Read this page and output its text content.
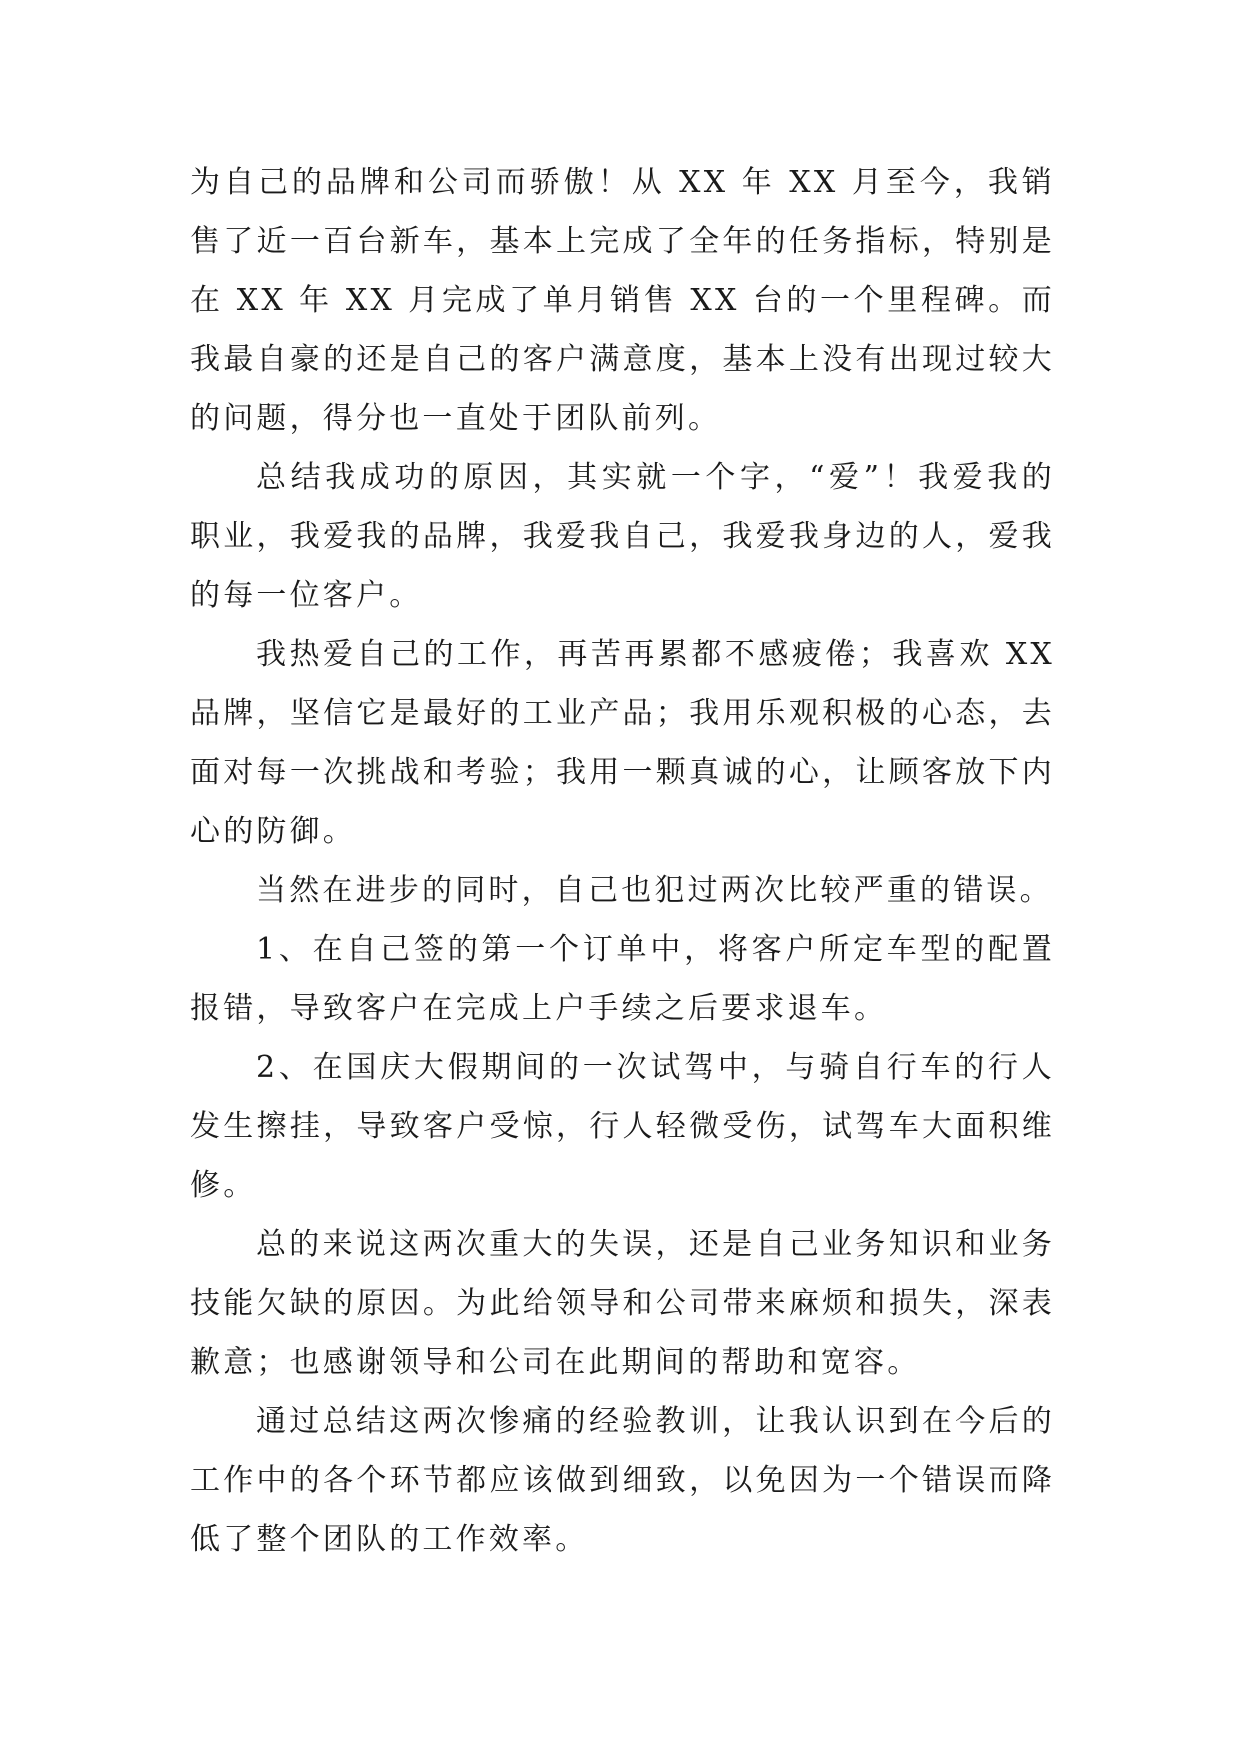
为自己的品牌和公司而骄傲！从 XX 年 XX 月至今，我销售了近一百台新车，基本上完成了全年的任务指标，特别是在 XX 年 XX 月完成了单月销售 XX 台的一个里程碑。而我最自豪的还是自己的客户满意度，基本上没有出现过较大的问题，得分也一直处于团队前列。

总结我成功的原因，其实就一个字，“爱”！我爱我的职业，我爱我的品牌，我爱我自己，我爱我身边的人，爱我的每一位客户。

我热爱自己的工作，再苦再累都不感疲倦；我喜欢 XX 品牌，坚信它是最好的工业产品；我用乐观积极的心态，去面对每一次挑战和考验；我用一颗真诚的心，让顾客放下内心的防御。

当然在进步的同时，自己也犯过两次比较严重的错误。

1、在自己签的第一个订单中，将客户所定车型的配置报错，导致客户在完成上户手续之后要求退车。

2、在国庆大假期间的一次试驾中，与骑自行车的行人发生擦挂，导致客户受惊，行人轻微受伤，试驾车大面积维修。

总的来说这两次重大的失误，还是自己业务知识和业务技能欠缺的原因。为此给领导和公司带来麻烦和损失，深表歉意；也感谢领导和公司在此期间的帮助和宽容。

通过总结这两次惨痛的经验教训，让我认识到在今后的工作中的各个环节都应该做到细致，以免因为一个错误而降低了整个团队的工作效率。
